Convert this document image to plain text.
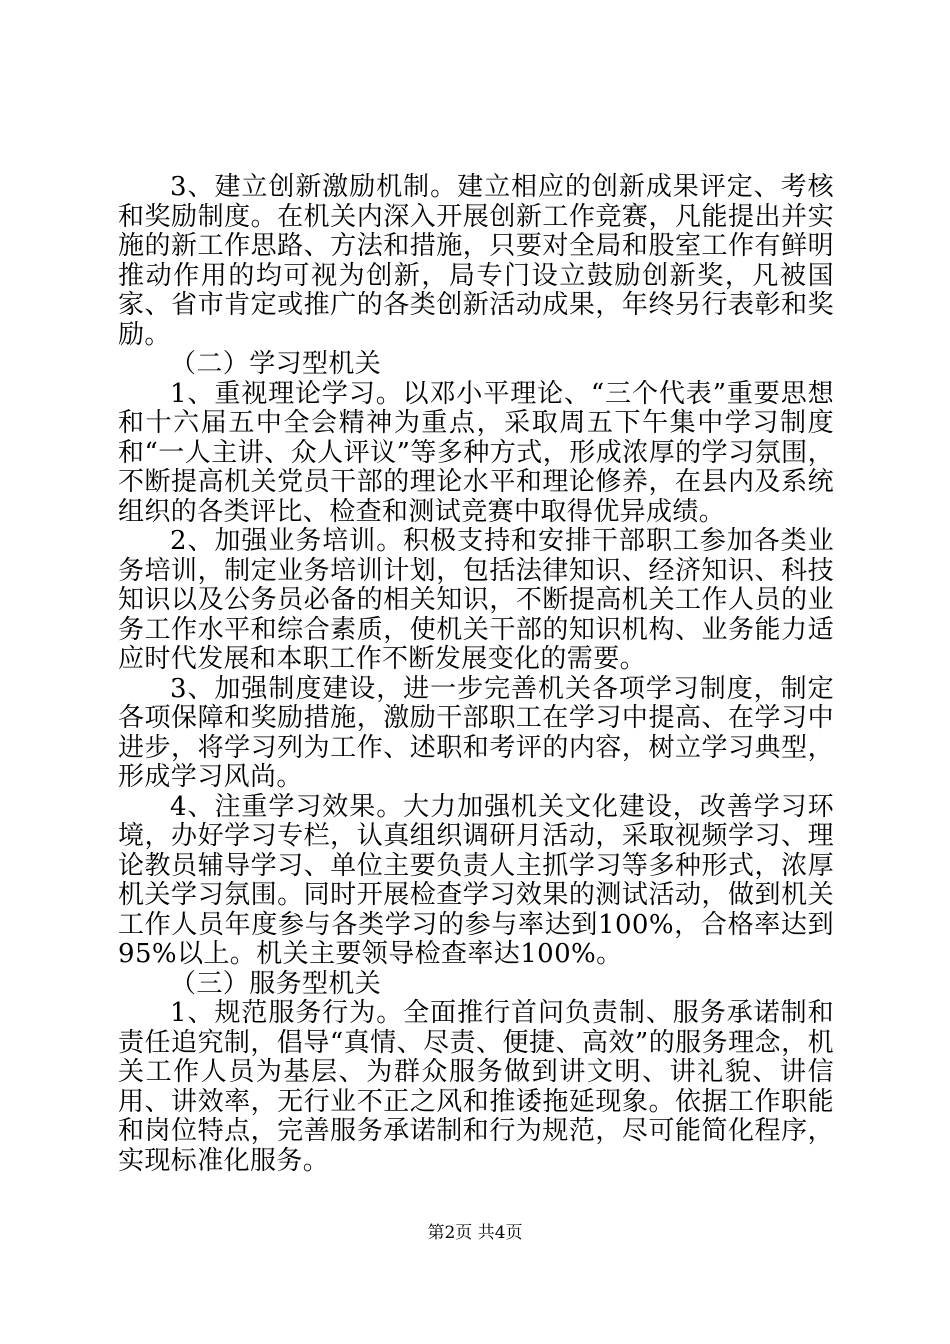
3、建立创新激励机制。建立相应的创新成果评定、考核和奖励制度。在机关内深入开展创新工作竞赛，凡能提出并实施的新工作思路、方法和措施，只要对全局和股室工作有鲜明推动作用的均可视为创新，局专门设立鼓励创新奖，凡被国家、省市肯定或推广的各类创新活动成果，年终另行表彰和奖励。

（二）学习型机关

1、重视理论学习。以邓小平理论、“三个代表”重要思想和十六届五中全会精神为重点，采取周五下午集中学习制度和“一人主讲、众人评议”等多种方式，形成浓厚的学习氛围，不断提高机关党员干部的理论水平和理论修养，在县内及系统组织的各类评比、检查和测试竞赛中取得优异成绩。

2、加强业务培训。积极支持和安排干部职工参加各类业务培训，制定业务培训计划，包括法律知识、经济知识、科技知识以及公务员必备的相关知识，不断提高机关工作人员的业务工作水平和综合素质，使机关干部的知识机构、业务能力适应时代发展和本职工作不断发展变化的需要。

3、加强制度建设，进一步完善机关各项学习制度，制定各项保障和奖励措施，激励干部职工在学习中提高、在学习中进步，将学习列为工作、述职和考评的内容，树立学习典型，形成学习风尚。

4、注重学习效果。大力加强机关文化建设，改善学习环境，办好学习专栏，认真组织调研月活动，采取视频学习、理论教员辅导学习、单位主要负责人主抓学习等多种形式，浓厚机关学习氛围。同时开展检查学习效果的测试活动，做到机关工作人员年度参与各类学习的参与率达到100%，合格率达到95%以上。机关主要领导检查率达100%。

（三）服务型机关

1、规范服务行为。全面推行首问负责制、服务承诺制和责任追究制，倡导“真情、尽责、便捷、高效”的服务理念，机关工作人员为基层、为群众服务做到讲文明、讲礼貌、讲信用、讲效率，无行业不正之风和推诿拖延现象。依据工作职能和岗位特点，完善服务承诺制和行为规范，尽可能简化程序，实现标准化服务。

第2页 共4页
